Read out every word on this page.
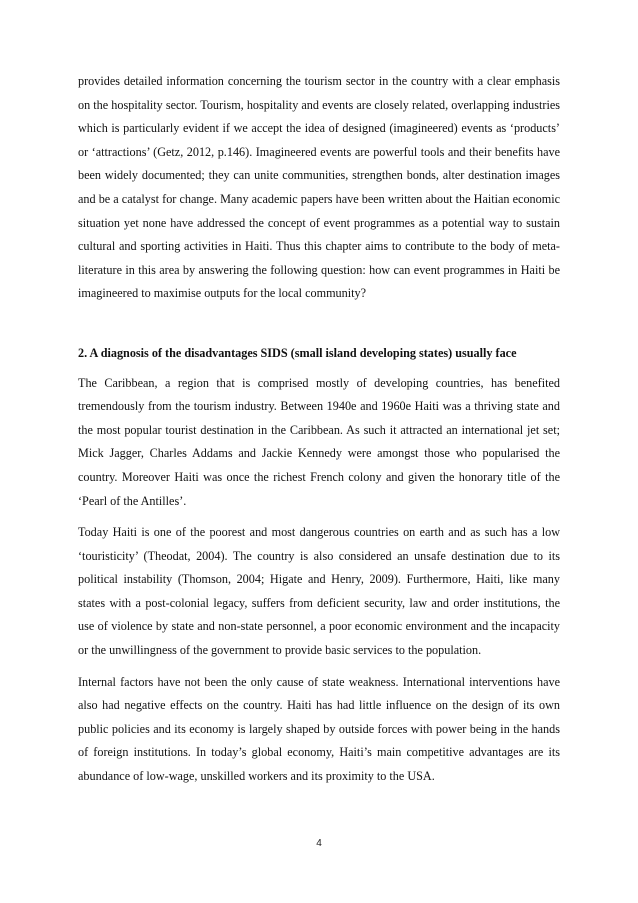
provides detailed information concerning the tourism sector in the country with a clear emphasis on the hospitality sector. Tourism, hospitality and events are closely related, overlapping industries which is particularly evident if we accept the idea of designed (imagineered) events as ‘products’ or ‘attractions’ (Getz, 2012, p.146). Imagineered events are powerful tools and their benefits have been widely documented; they can unite communities, strengthen bonds, alter destination images and be a catalyst for change. Many academic papers have been written about the Haitian economic situation yet none have addressed the concept of event programmes as a potential way to sustain cultural and sporting activities in Haiti. Thus this chapter aims to contribute to the body of meta-literature in this area by answering the following question: how can event programmes in Haiti be imagineered to maximise outputs for the local community?

2. A diagnosis of the disadvantages SIDS (small island developing states) usually face

The Caribbean, a region that is comprised mostly of developing countries, has benefited tremendously from the tourism industry. Between 1940e and 1960e Haiti was a thriving state and the most popular tourist destination in the Caribbean. As such it attracted an international jet set; Mick Jagger, Charles Addams and Jackie Kennedy were amongst those who popularised the country. Moreover Haiti was once the richest French colony and given the honorary title of the ‘Pearl of the Antilles’.

Today Haiti is one of the poorest and most dangerous countries on earth and as such has a low ‘touristicity’ (Theodat, 2004). The country is also considered an unsafe destination due to its political instability (Thomson, 2004; Higate and Henry, 2009). Furthermore, Haiti, like many states with a post-colonial legacy, suffers from deficient security, law and order institutions, the use of violence by state and non-state personnel, a poor economic environment and the incapacity or the unwillingness of the government to provide basic services to the population.

Internal factors have not been the only cause of state weakness. International interventions have also had negative effects on the country. Haiti has had little influence on the design of its own public policies and its economy is largely shaped by outside forces with power being in the hands of foreign institutions. In today’s global economy, Haiti’s main competitive advantages are its abundance of low-wage, unskilled workers and its proximity to the USA.

4
